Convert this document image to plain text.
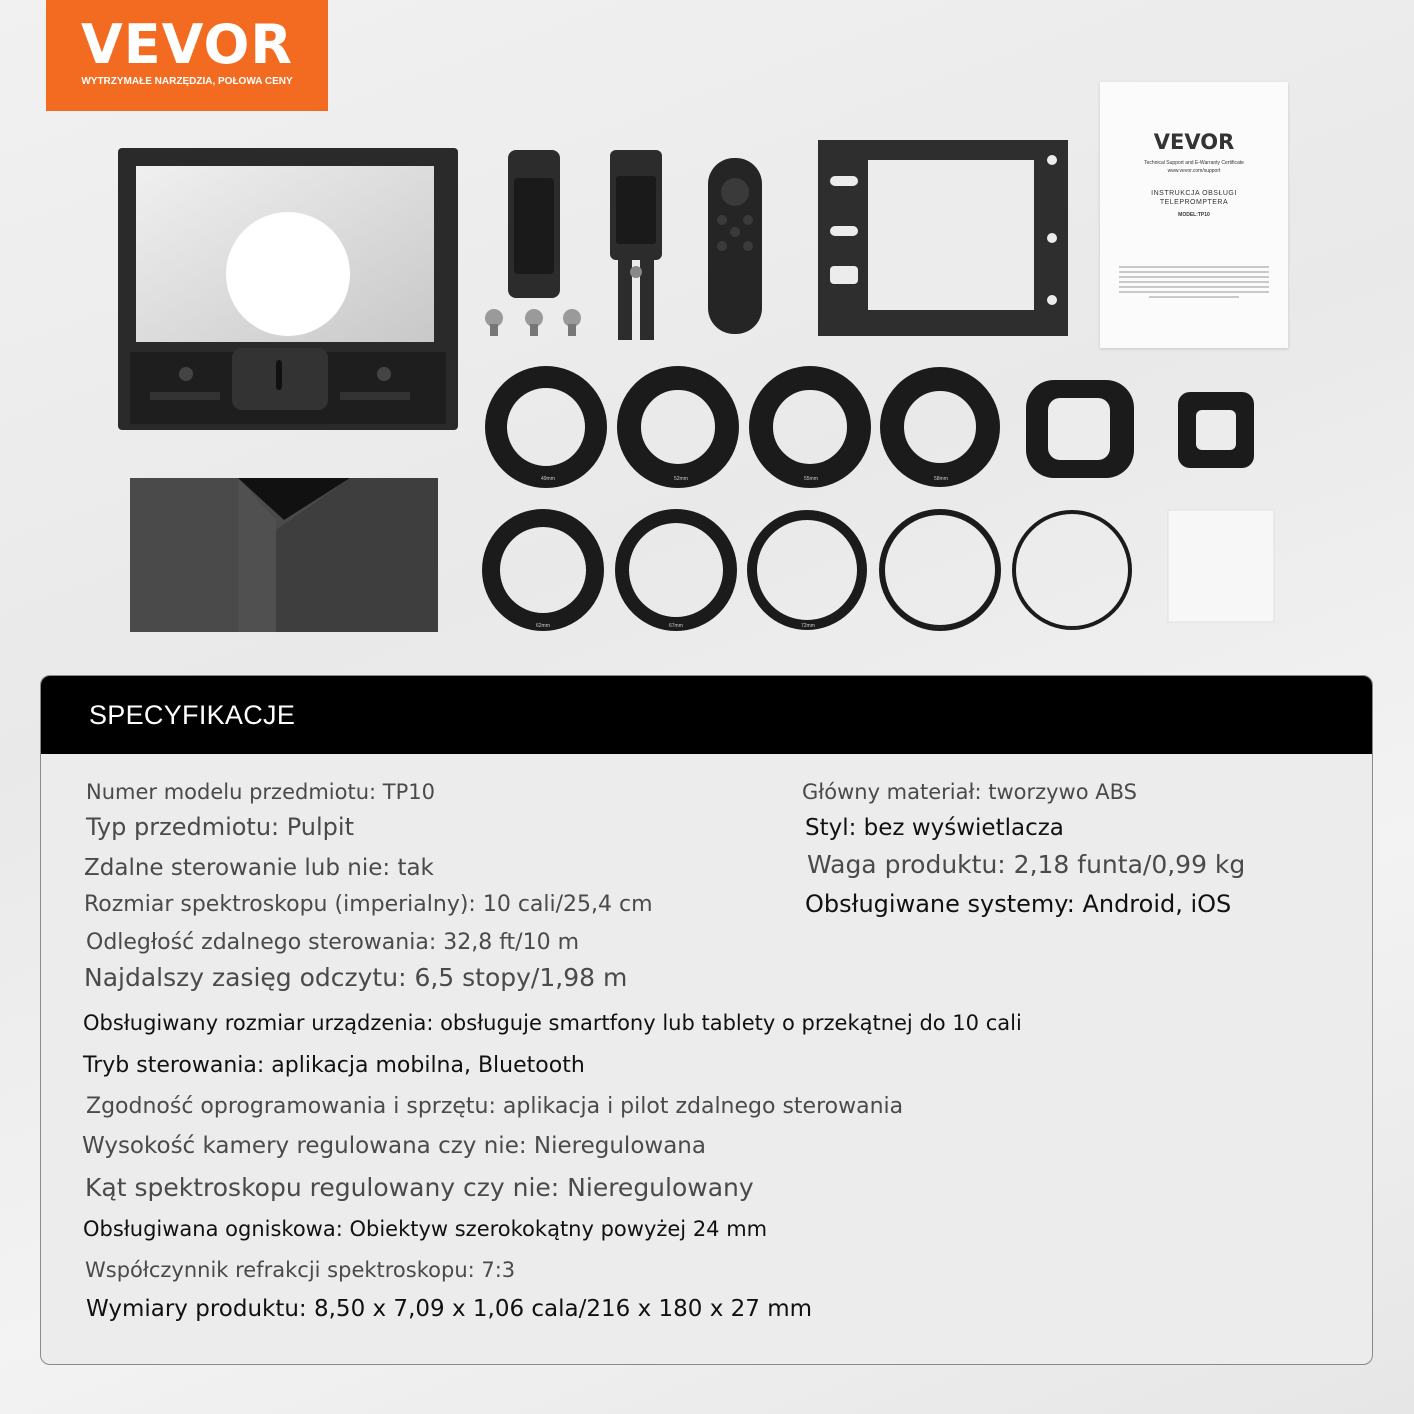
VEVOR
WYTRZYMAŁE NARZĘDZIA, POŁOWA CENY
49mm	52mm	55mm	58mm
62mm	67mm	72mm	77mm	82mm
VEVOR
Technical Support and E-Warranty Certificate
www.vevor.com/support
INSTRUKCJA OBSŁUGI
TELEPROMPTERA
MODEL:TP10
SPECYFIKACJE
Numer modelu przedmiotu: TP10
Typ przedmiotu: Pulpit
Zdalne sterowanie lub nie: tak
Rozmiar spektroskopu (imperialny): 10 cali/25,4 cm
Odległość zdalnego sterowania: 32,8 ft/10 m
Najdalszy zasięg odczytu: 6,5 stopy/1,98 m
Obsługiwany rozmiar urządzenia: obsługuje smartfony lub tablety o przekątnej do 10 cali
Tryb sterowania: aplikacja mobilna, Bluetooth
Zgodność oprogramowania i sprzętu: aplikacja i pilot zdalnego sterowania
Wysokość kamery regulowana czy nie: Nieregulowana
Kąt spektroskopu regulowany czy nie: Nieregulowany
Obsługiwana ogniskowa: Obiektyw szerokokątny powyżej 24 mm
Współczynnik refrakcji spektroskopu: 7:3
Wymiary produktu: 8,50 x 7,09 x 1,06 cala/216 x 180 x 27 mm
Główny materiał: tworzywo ABS
Styl: bez wyświetlacza
Waga produktu: 2,18 funta/0,99 kg
Obsługiwane systemy: Android, iOS
